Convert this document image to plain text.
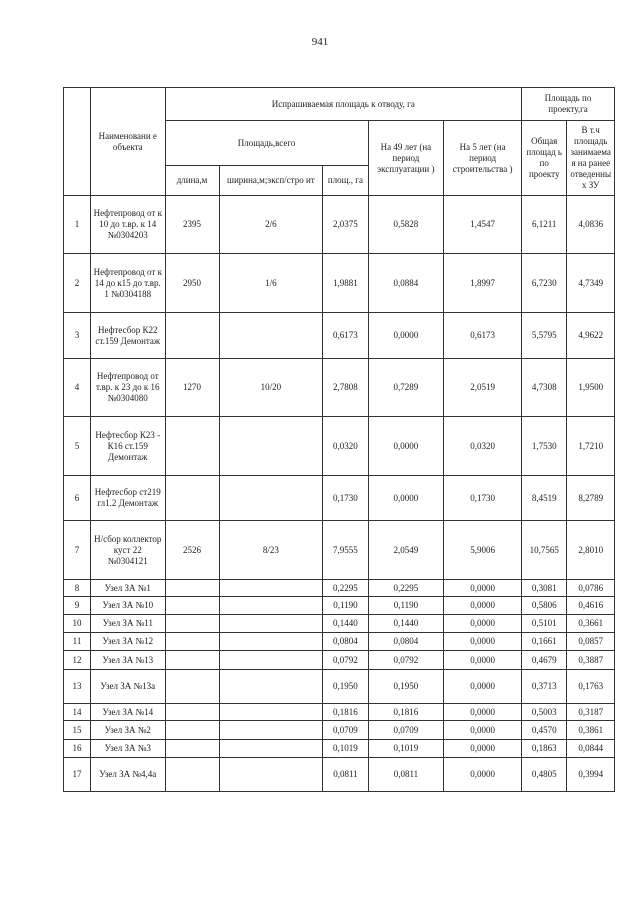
941
	Наименовани е объекта	Испрашиваемая площадь к отводу, га					Площадь по проекту,га	
		Площадь,всего			На 49 лет (на период эксплуатации )	На 5 лет (на период строительства )	Общая площад ь по проекту	В т.ч площадь занимаема я на ранее отведенны х ЗУ
		длина,м	ширина,м;эксп/стро ит	площ., га				
1	Нефтепровод от к 10 до т.вр. к 14 №0304203	2395	2/6	2,0375	0,5828	1,4547	6,1211	4,0836
2	Нефтепровод от к 14 до к15 до т.вр. 1 №0304188	2950	1/6	1,9881	0,0884	1,8997	6,7230	4,7349
3	Нефтесбор К22 ст.159 Демонтаж			0,6173	0,0000	0,6173	5,5795	4,9622
4	Нефтепровод от т.вр. к 23 до к 16 №0304080	1270	10/20	2,7808	0,7289	2,0519	4,7308	1,9500
5	Нефтесбор К23 - К16 ст.159 Демонтаж			0,0320	0,0000	0,0320	1,7530	1,7210
6	Нефтесбор ст219 гл1.2 Демонтаж			0,1730	0,0000	0,1730	8,4519	8,2789
7	Н/сбор коллектор куст 22 №0304121	2526	8/23	7,9555	2,0549	5,9006	10,7565	2,8010
8	Узел ЗА №1			0,2295	0,2295	0,0000	0,3081	0,0786
9	Узел ЗА №10			0,1190	0,1190	0,0000	0,5806	0,4616
10	Узел ЗА №11			0,1440	0,1440	0,0000	0,5101	0,3661
11	Узел ЗА №12			0,0804	0,0804	0,0000	0,1661	0,0857
12	Узел ЗА №13			0,0792	0,0792	0,0000	0,4679	0,3887
13	Узел ЗА №13а			0,1950	0,1950	0,0000	0,3713	0,1763
14	Узел ЗА №14			0,1816	0,1816	0,0000	0,5003	0,3187
15	Узел ЗА №2			0,0709	0,0709	0,0000	0,4570	0,3861
16	Узел ЗА №3			0,1019	0,1019	0,0000	0,1863	0,0844
17	Узел ЗА №4,4а			0,0811	0,0811	0,0000	0,4805	0,3994
